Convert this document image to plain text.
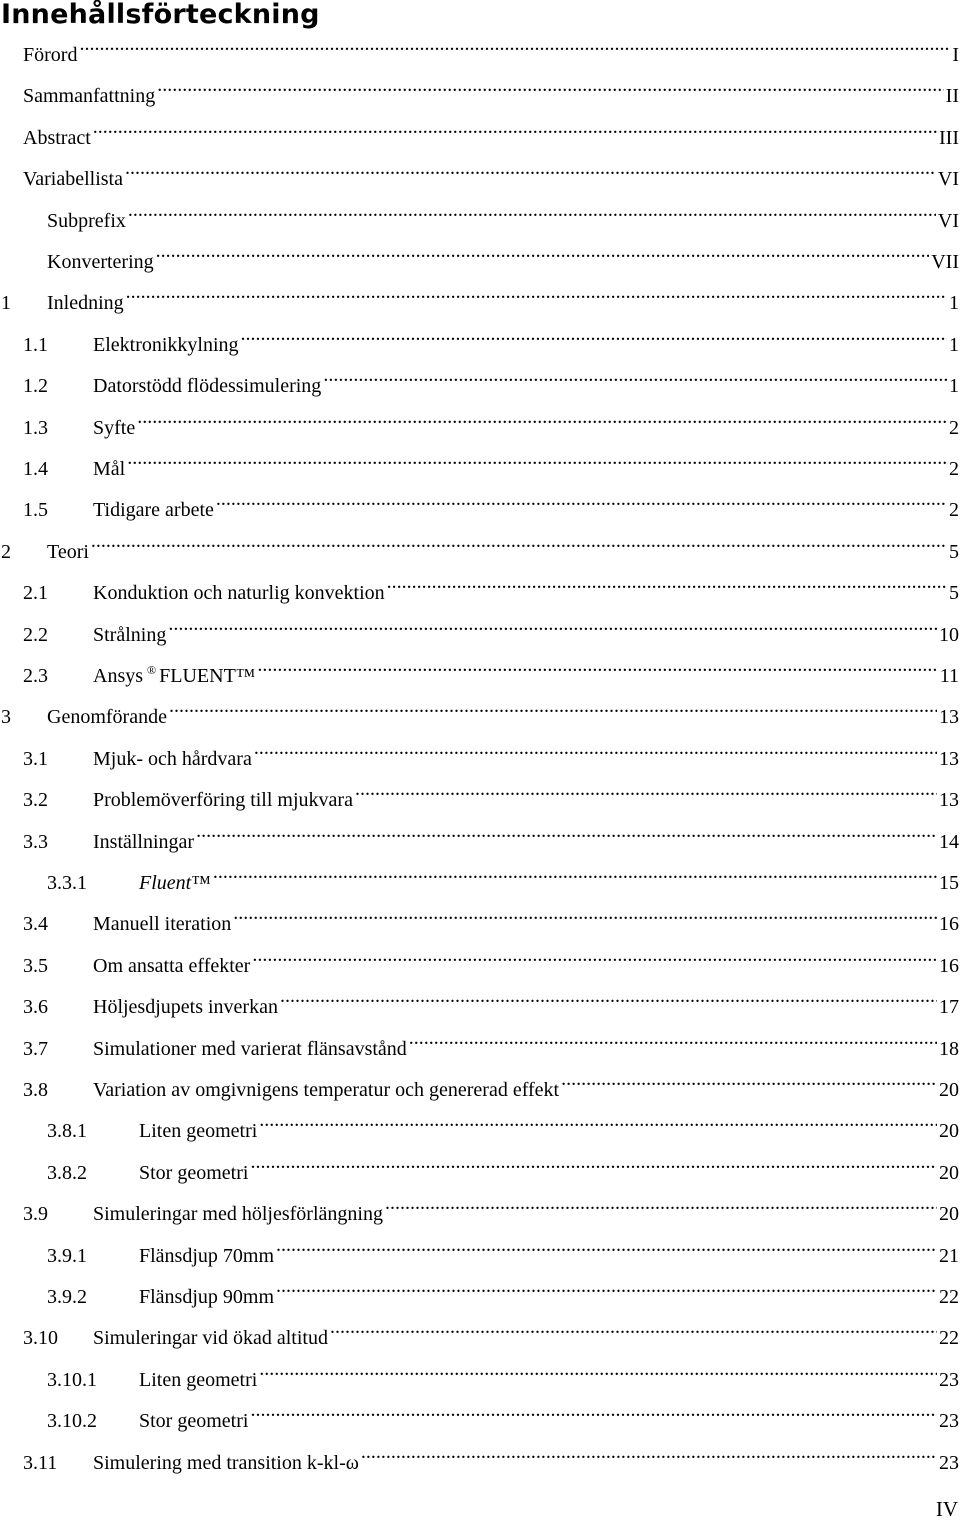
Innehållsförteckning
Förord .....	I
Sammanfattning .....	II
Abstract .....	III
Variabellista .....	VI
Subprefix .....	VI
Konvertering .....	VII
1	Inledning .....	1
1.1	Elektronikkylning .....	1
1.2	Datorstödd flödessimulering .....	1
1.3	Syfte .....	2
1.4	Mål .....	2
1.5	Tidigare arbete .....	2
2	Teori .....	5
2.1	Konduktion och naturlig konvektion .....	5
2.2	Strålning .....	10
2.3	Ansys ® FLUENT™ .....	11
3	Genomförande .....	13
3.1	Mjuk- och hårdvara .....	13
3.2	Problemöverföring till mjukvara .....	13
3.3	Inställningar .....	14
3.3.1	Fluent™ .....	15
3.4	Manuell iteration .....	16
3.5	Om ansatta effekter .....	16
3.6	Höljesdjupets inverkan .....	17
3.7	Simulationer med varierat flänsavstånd .....	18
3.8	Variation av omgivnigens temperatur och genererad effekt .....	20
3.8.1	Liten geometri .....	20
3.8.2	Stor geometri .....	20
3.9	Simuleringar med höljesförlängning .....	20
3.9.1	Flänsdjup 70mm .....	21
3.9.2	Flänsdjup 90mm .....	22
3.10	Simuleringar vid ökad altitud .....	22
3.10.1	Liten geometri .....	23
3.10.2	Stor geometri .....	23
3.11	Simulering med transition k-kl-ω .....	23
IV
